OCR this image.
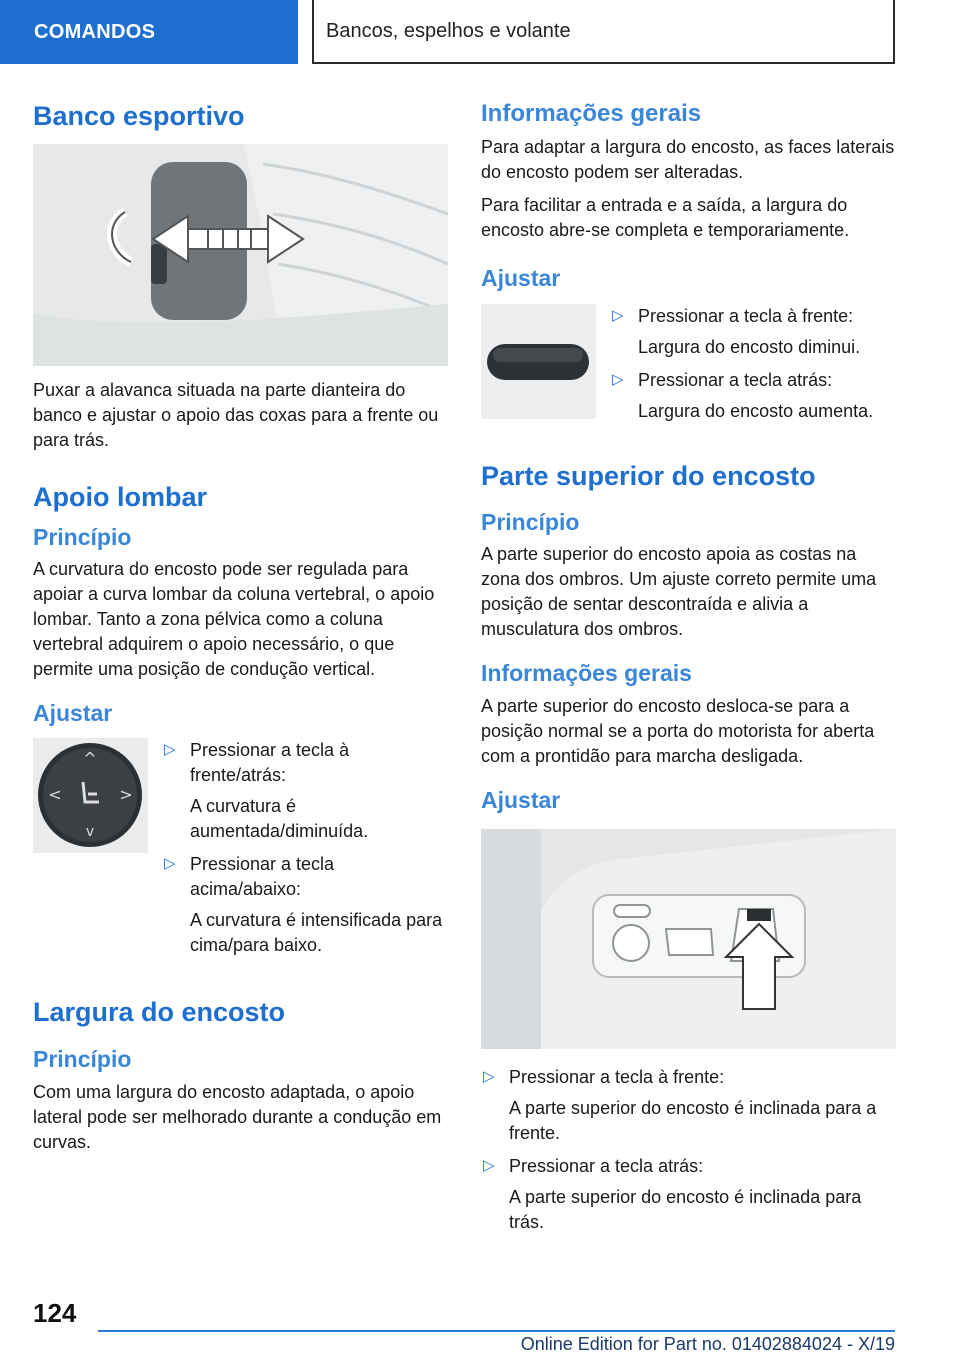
COMANDOS	Bancos, espelhos e volante
Banco esportivo

Puxar a alavanca situada na parte dianteira do banco e ajustar o apoio das coxas para a frente ou para trás.

Apoio lombar
Princípio

A curvatura do encosto pode ser regulada para apoiar a curva lombar da coluna vertebral, o apoio lombar. Tanto a zona pélvica como a coluna vertebral adquirem o apoio necessário, o que permite uma posição de condução vertical.

Ajustar
^
v
<	>
▷ Pressionar a tecla à frente/atrás:
A curvatura é aumentada/diminuída.
▷ Pressionar a tecla acima/abaixo:
A curvatura é intensificada para cima/para baixo.
Largura do encosto
Princípio

Com uma largura do encosto adaptada, o apoio lateral pode ser melhorado durante a condução em curvas.

Informações gerais

Para adaptar a largura do encosto, as faces laterais do encosto podem ser alteradas.

Para facilitar a entrada e a saída, a largura do encosto abre-se completa e temporariamente.

Ajustar
▷ Pressionar a tecla à frente:
Largura do encosto diminui.
▷ Pressionar a tecla atrás:
Largura do encosto aumenta.
Parte superior do encosto
Princípio

A parte superior do encosto apoia as costas na zona dos ombros. Um ajuste correto permite uma posição de sentar descontraída e alivia a musculatura dos ombros.

Informações gerais

A parte superior do encosto desloca-se para a posição normal se a porta do motorista for aberta com a prontidão para marcha desligada.

Ajustar
▷ Pressionar a tecla à frente:
A parte superior do encosto é inclinada para a frente.
▷ Pressionar a tecla atrás:
A parte superior do encosto é inclinada para trás.
124
Online Edition for Part no. 01402884024 - X/19
